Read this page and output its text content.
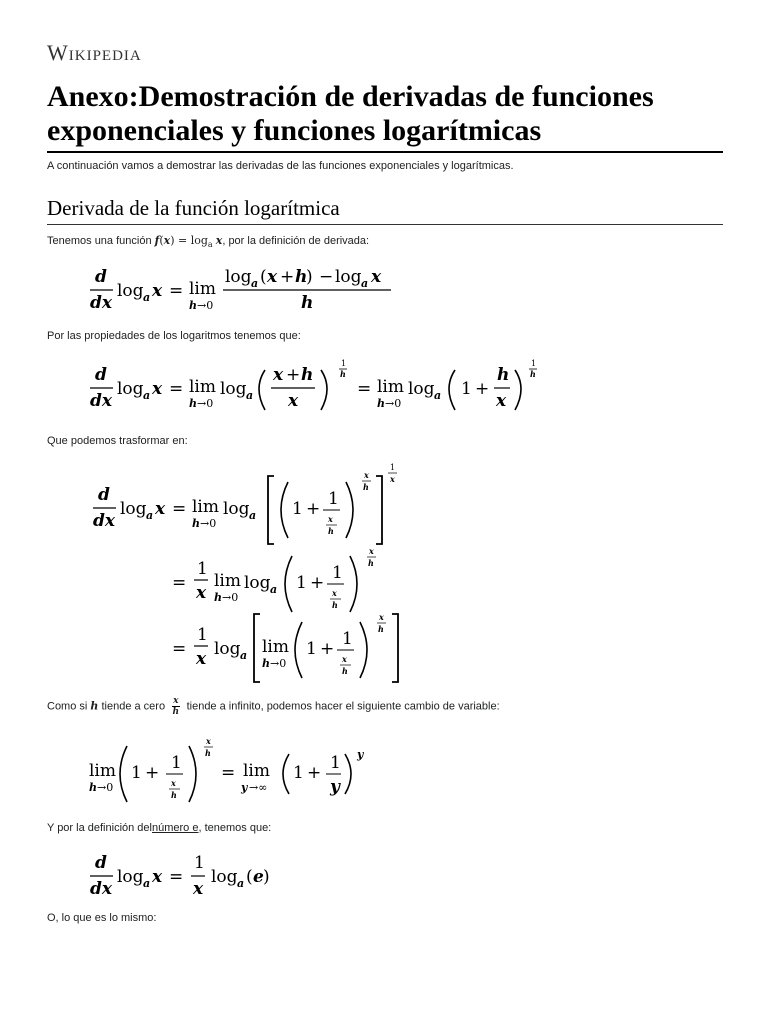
Wikipedia
Anexo:Demostración de derivadas de funciones exponenciales y funciones logarítmicas
A continuación vamos a demostrar las derivadas de las funciones exponenciales y logarítmicas.
Derivada de la función logarítmica
Tenemos una función $f(x) = \log_a x$, por la definición de derivada:
d
dx
log a x = lim
h →0
log a ( x + h
) − log a x
h
Por las propiedades de los logaritmos tenemos que:
d
dx
log a x = lim
h →0
log a
x + h
x
1
h
= lim
h →0
log a 1 +
h
x
1
h
Que podemos trasformar en:
d
dx
log a x = lim
h →0
log a 1 + 1
x
h
x
h
1
x
=
1
x
lim
h →0
log a 1 + 1
x
h
x
h
=
1
x log a lim
h →0
1 + 1
x
h
x
h
Como si h tiende a cero $\frac{x}{h}$ tiende a infinito, podemos hacer el siguiente cambio de variable:
lim
h →0
1 + 1
x
h
x
h
= lim
y →∞
1 + 1
y
y
Y por la definición delnúmero e, tenemos que:
d
dx
log a x =
1
x
log a ( e )
O, lo que es lo mismo:
